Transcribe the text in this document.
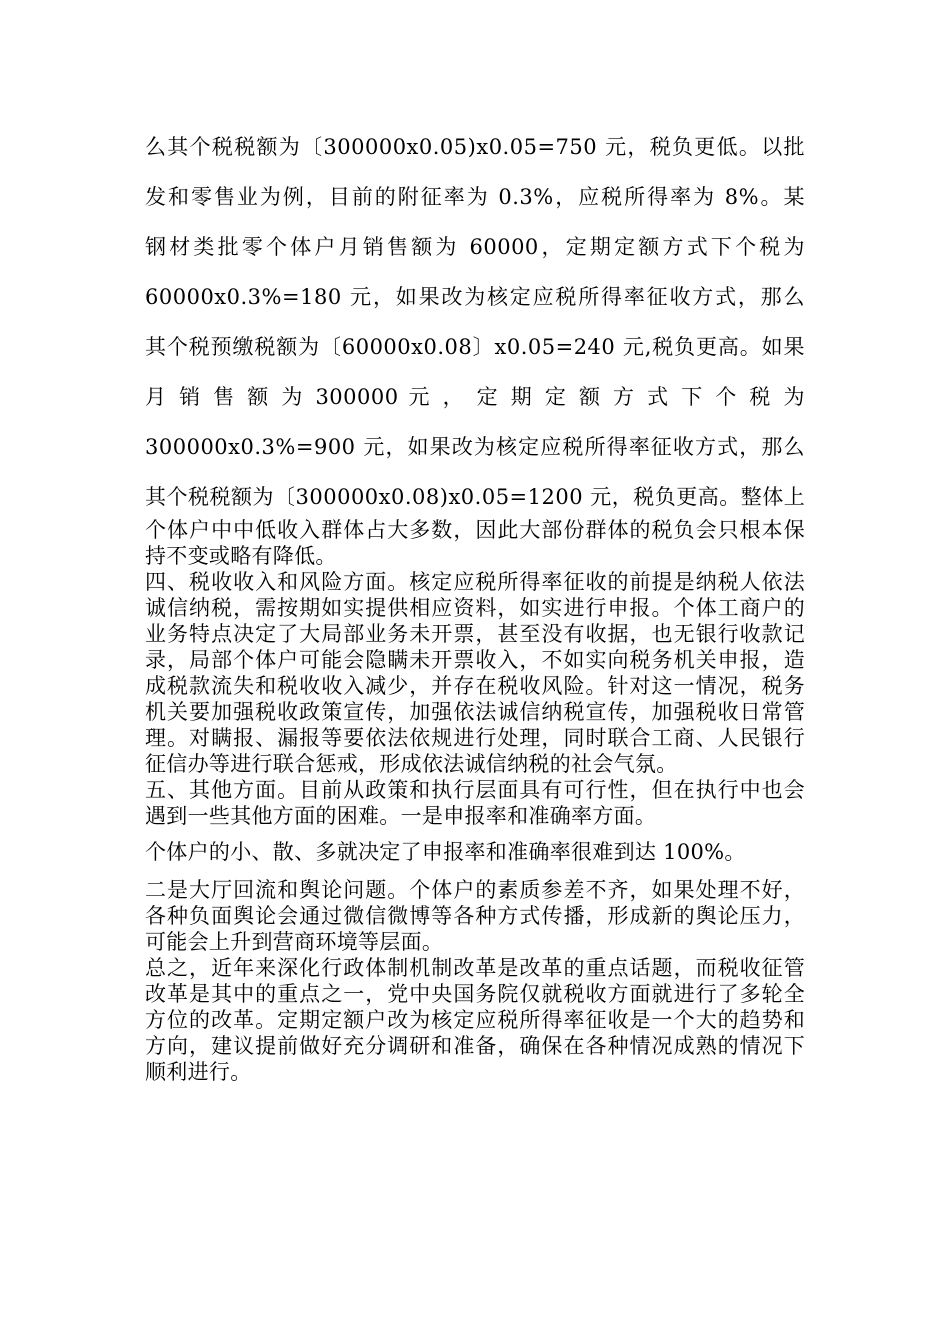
么其个税税额为〔300000x0.05)x0.05=750 元，税负更低。以批
发和零售业为例，目前的附征率为 0.3%，应税所得率为 8%。某
钢材类批零个体户月销售额为 60000，定期定额方式下个税为
60000x0.3%=180 元，如果改为核定应税所得率征收方式，那么
其个税预缴税额为〔60000x0.08〕x0.05=240 元,税负更高。如果
月 销 售 额 为 300000 元 ， 定 期 定 额 方 式 下 个 税 为
300000x0.3%=900 元，如果改为核定应税所得率征收方式，那么
其个税税额为〔300000x0.08)x0.05=1200 元，税负更高。整体上

个体户中中低收入群体占大多数，因此大部份群体的税负会只根本保持不变或略有降低。

四、税收收入和风险方面。核定应税所得率征收的前提是纳税人依法诚信纳税，需按期如实提供相应资料，如实进行申报。个体工商户的业务特点决定了大局部业务未开票，甚至没有收据，也无银行收款记录，局部个体户可能会隐瞒未开票收入，不如实向税务机关申报，造成税款流失和税收收入减少，并存在税收风险。针对这一情况，税务机关要加强税收政策宣传，加强依法诚信纳税宣传，加强税收日常管理。对瞒报、漏报等要依法依规进行处理，同时联合工商、人民银行征信办等进行联合惩戒，形成依法诚信纳税的社会气氛。

五、其他方面。目前从政策和执行层面具有可行性，但在执行中也会遇到一些其他方面的困难。一是申报率和准确率方面。

个体户的小、散、多就决定了申报率和准确率很难到达 100%。

二是大厅回流和舆论问题。个体户的素质参差不齐，如果处理不好，各种负面舆论会通过微信微博等各种方式传播，形成新的舆论压力，可能会上升到营商环境等层面。

总之，近年来深化行政体制机制改革是改革的重点话题，而税收征管改革是其中的重点之一，党中央国务院仅就税收方面就进行了多轮全方位的改革。定期定额户改为核定应税所得率征收是一个大的趋势和方向，建议提前做好充分调研和准备，确保在各种情况成熟的情况下顺利进行。
